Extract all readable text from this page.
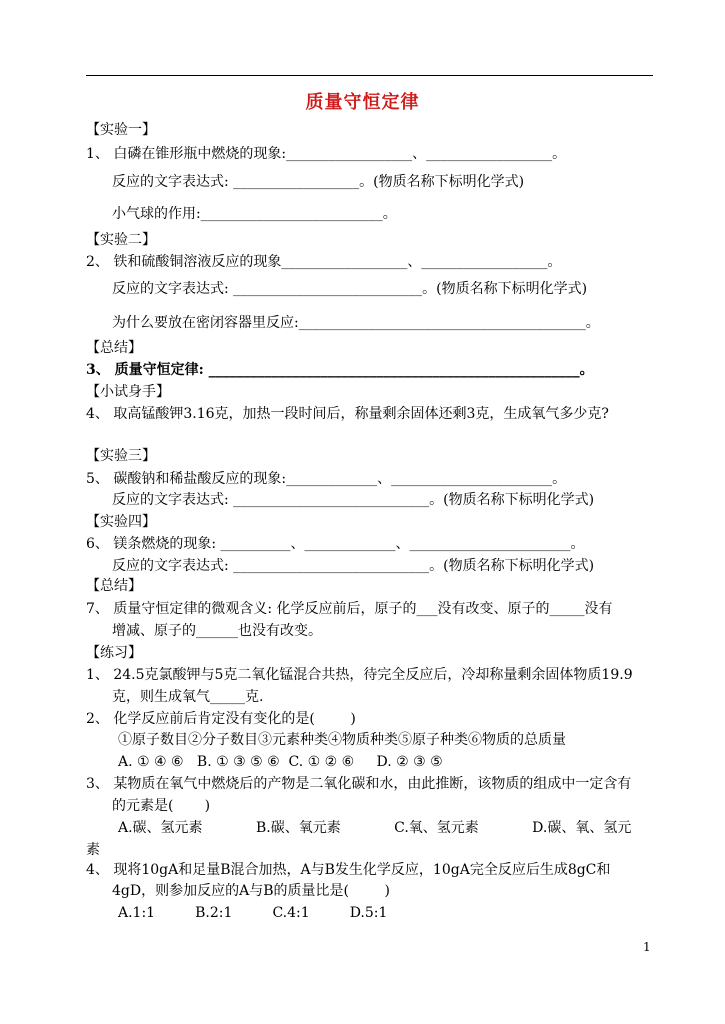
质量守恒定律
【实验一】
1、 白磷在锥形瓶中燃烧的现象:__________________、__________________。
反应的文字表达式: __________________。(物质名称下标明化学式)
小气球的作用:__________________________。
【实验二】
2、 铁和硫酸铜溶液反应的现象__________________、__________________。
反应的文字表达式: ___________________________。(物质名称下标明化学式)
为什么要放在密闭容器里反应:_________________________________________。
【总结】
3、 质量守恒定律: _____________________________________________________。
【小试身手】
4、 取高锰酸钾3.16克，加热一段时间后，称量剩余固体还剩3克，生成氧气多少克?
【实验三】
5、 碳酸钠和稀盐酸反应的现象:_____________、_______________________。
反应的文字表达式: ____________________________。(物质名称下标明化学式)
【实验四】
6、 镁条燃烧的现象: __________、_____________、_______________________。
反应的文字表达式: ____________________________。(物质名称下标明化学式)
【总结】
7、 质量守恒定律的微观含义: 化学反应前后，原子的___没有改变、原子的_____没有
增减、原子的______也没有改变。
【练习】
1、 24.5克氯酸钾与5克二氧化锰混合共热，待完全反应后，冷却称量剩余固体物质19.9
克，则生成氧气_____克.
2、 化学反应前后肯定没有变化的是(        )
①原子数目②分子数目③元素种类④物质种类⑤原子种类⑥物质的总质量
A. ① ④ ⑥   B. ① ③ ⑤ ⑥  C. ① ② ⑥     D. ② ③ ⑤
3、 某物质在氧气中燃烧后的产物是二氧化碳和水，由此推断，该物质的组成中一定含有
的元素是(       )
A.碳、氢元素            B.碳、氧元素            C.氧、氢元素            D.碳、氧、氢元
素
4、 现将10gA和足量B混合加热，A与B发生化学反应，10gA完全反应后生成8gC和
4gD，则参加反应的A与B的质量比是(        )
A.1:1         B.2:1         C.4:1         D.5:1
1
